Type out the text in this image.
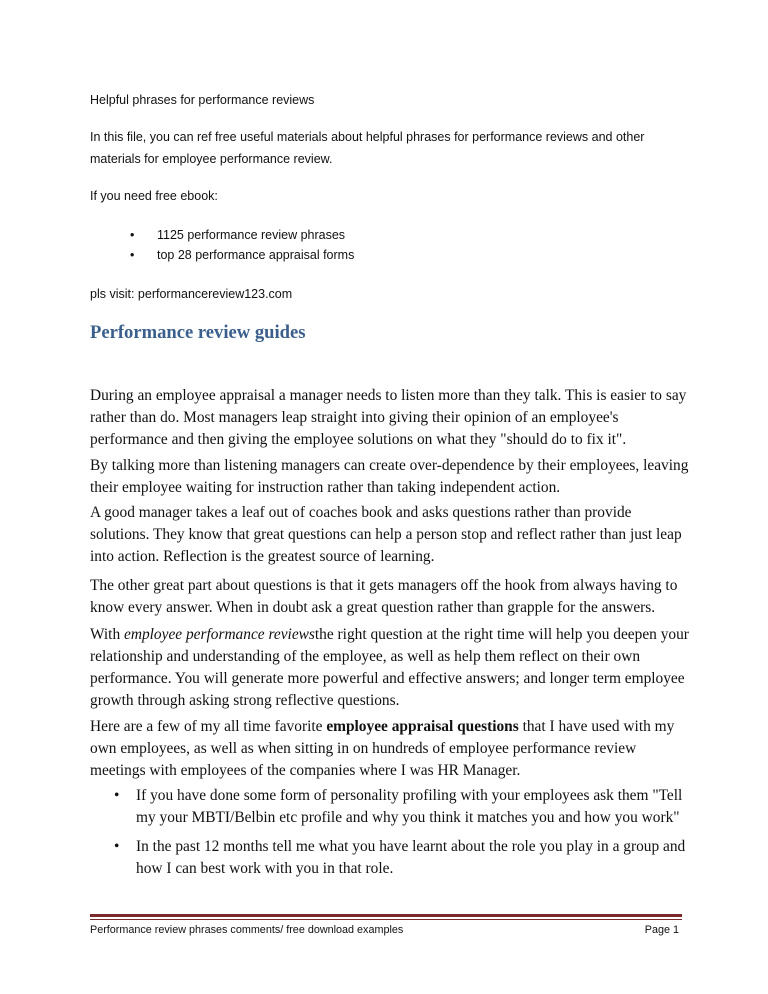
Helpful phrases for performance reviews
In this file, you can ref free useful materials about helpful phrases for performance reviews and other
materials for employee performance review.
If you need free ebook:
• 1125 performance review phrases
• top 28 performance appraisal forms
pls visit: performancereview123.com
Performance review guides

During an employee appraisal a manager needs to listen more than they talk. This is easier to say rather than do. Most managers leap straight into giving their opinion of an employee's performance and then giving the employee solutions on what they "should do to fix it".

By talking more than listening managers can create over-dependence by their employees, leaving their employee waiting for instruction rather than taking independent action.

A good manager takes a leaf out of coaches book and asks questions rather than provide solutions. They know that great questions can help a person stop and reflect rather than just leap into action. Reflection is the greatest source of learning.

The other great part about questions is that it gets managers off the hook from always having to know every answer. When in doubt ask a great question rather than grapple for the answers.

With employee performance reviewsthe right question at the right time will help you deepen your relationship and understanding of the employee, as well as help them reflect on their own performance. You will generate more powerful and effective answers; and longer term employee growth through asking strong reflective questions.

Here are a few of my all time favorite employee appraisal questions that I have used with my own employees, as well as when sitting in on hundreds of employee performance review meetings with employees of the companies where I was HR Manager.

• If you have done some form of personality profiling with your employees ask them "Tell my your MBTI/Belbin etc profile and why you think it matches you and how you work"
• In the past 12 months tell me what you have learnt about the role you play in a group and how I can best work with you in that role.
Performance review phrases comments/ free download examples	Page 1
